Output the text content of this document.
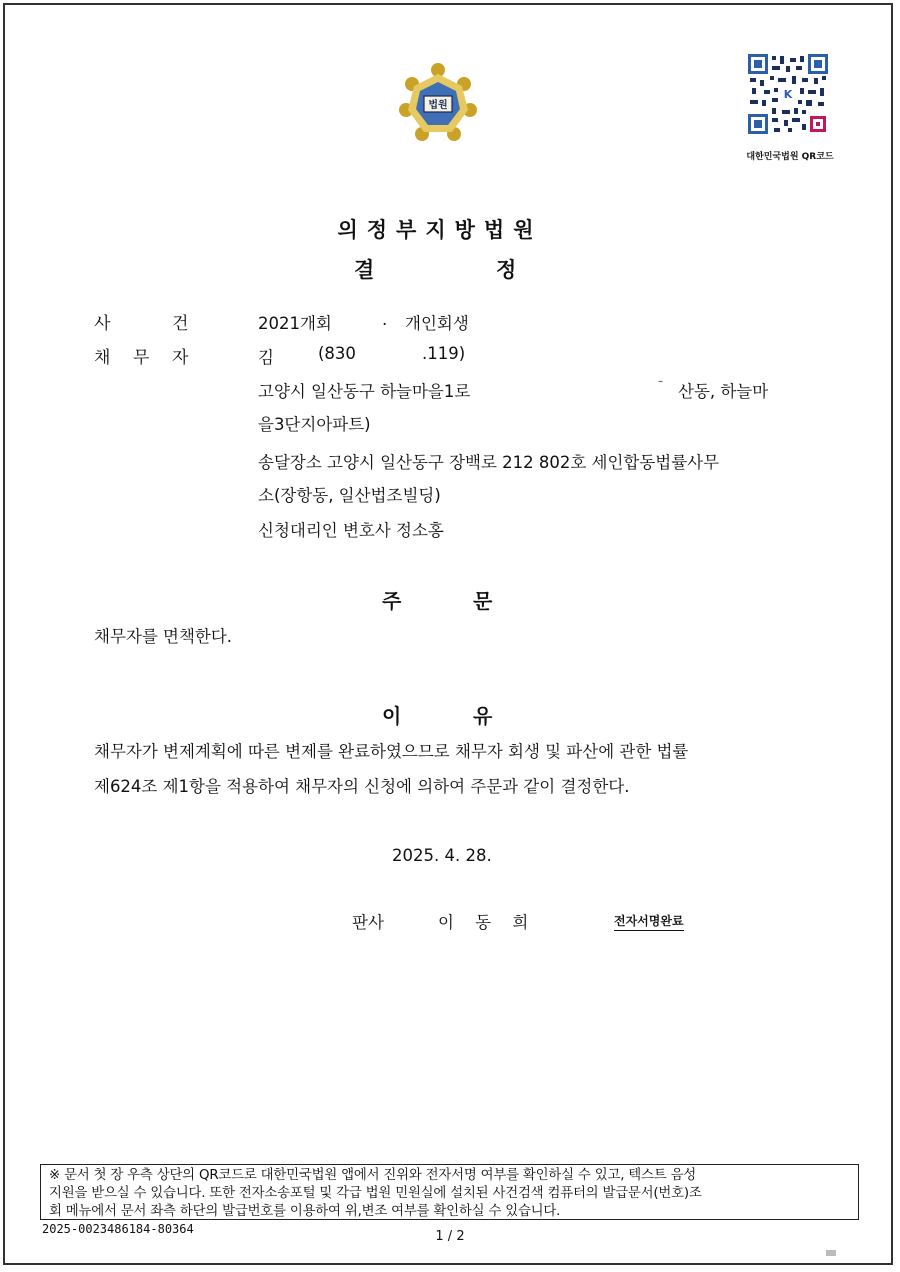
법원
K
대한민국법원 QR코드
의정부지방법원
결	정
사	건	2021개회	. 개인회생
채 무 자	김	(830	.119)
고양시 일산동구 하늘마을1로
–
산동, 하늘마
을3단지아파트)
송달장소 고양시 일산동구 장백로 212 802호 세인합동법률사무
소(장항동, 일산법조빌딩)
신청대리인 변호사 정소홍
주	문
채무자를 면책한다.
이	유
채무자가 변제계획에 따른 변제를 완료하였으므로 채무자 회생 및 파산에 관한 법률
제624조 제1항을 적용하여 채무자의 신청에 의하여 주문과 같이 결정한다.
2025. 4. 28.
판사	이 동 희	전자서명완료
※ 문서 첫 장 우측 상단의 QR코드로 대한민국법원 앱에서 진위와 전자서명 여부를 확인하실 수 있고, 텍스트 음성
지원을 받으실 수 있습니다. 또한 전자소송포털 및 각급 법원 민원실에 설치된 사건검색 컴퓨터의 발급문서(번호)조
회 메뉴에서 문서 좌측 하단의 발급번호를 이용하여 위,변조 여부를 확인하실 수 있습니다.
2025-0023486184-80364	1 / 2
